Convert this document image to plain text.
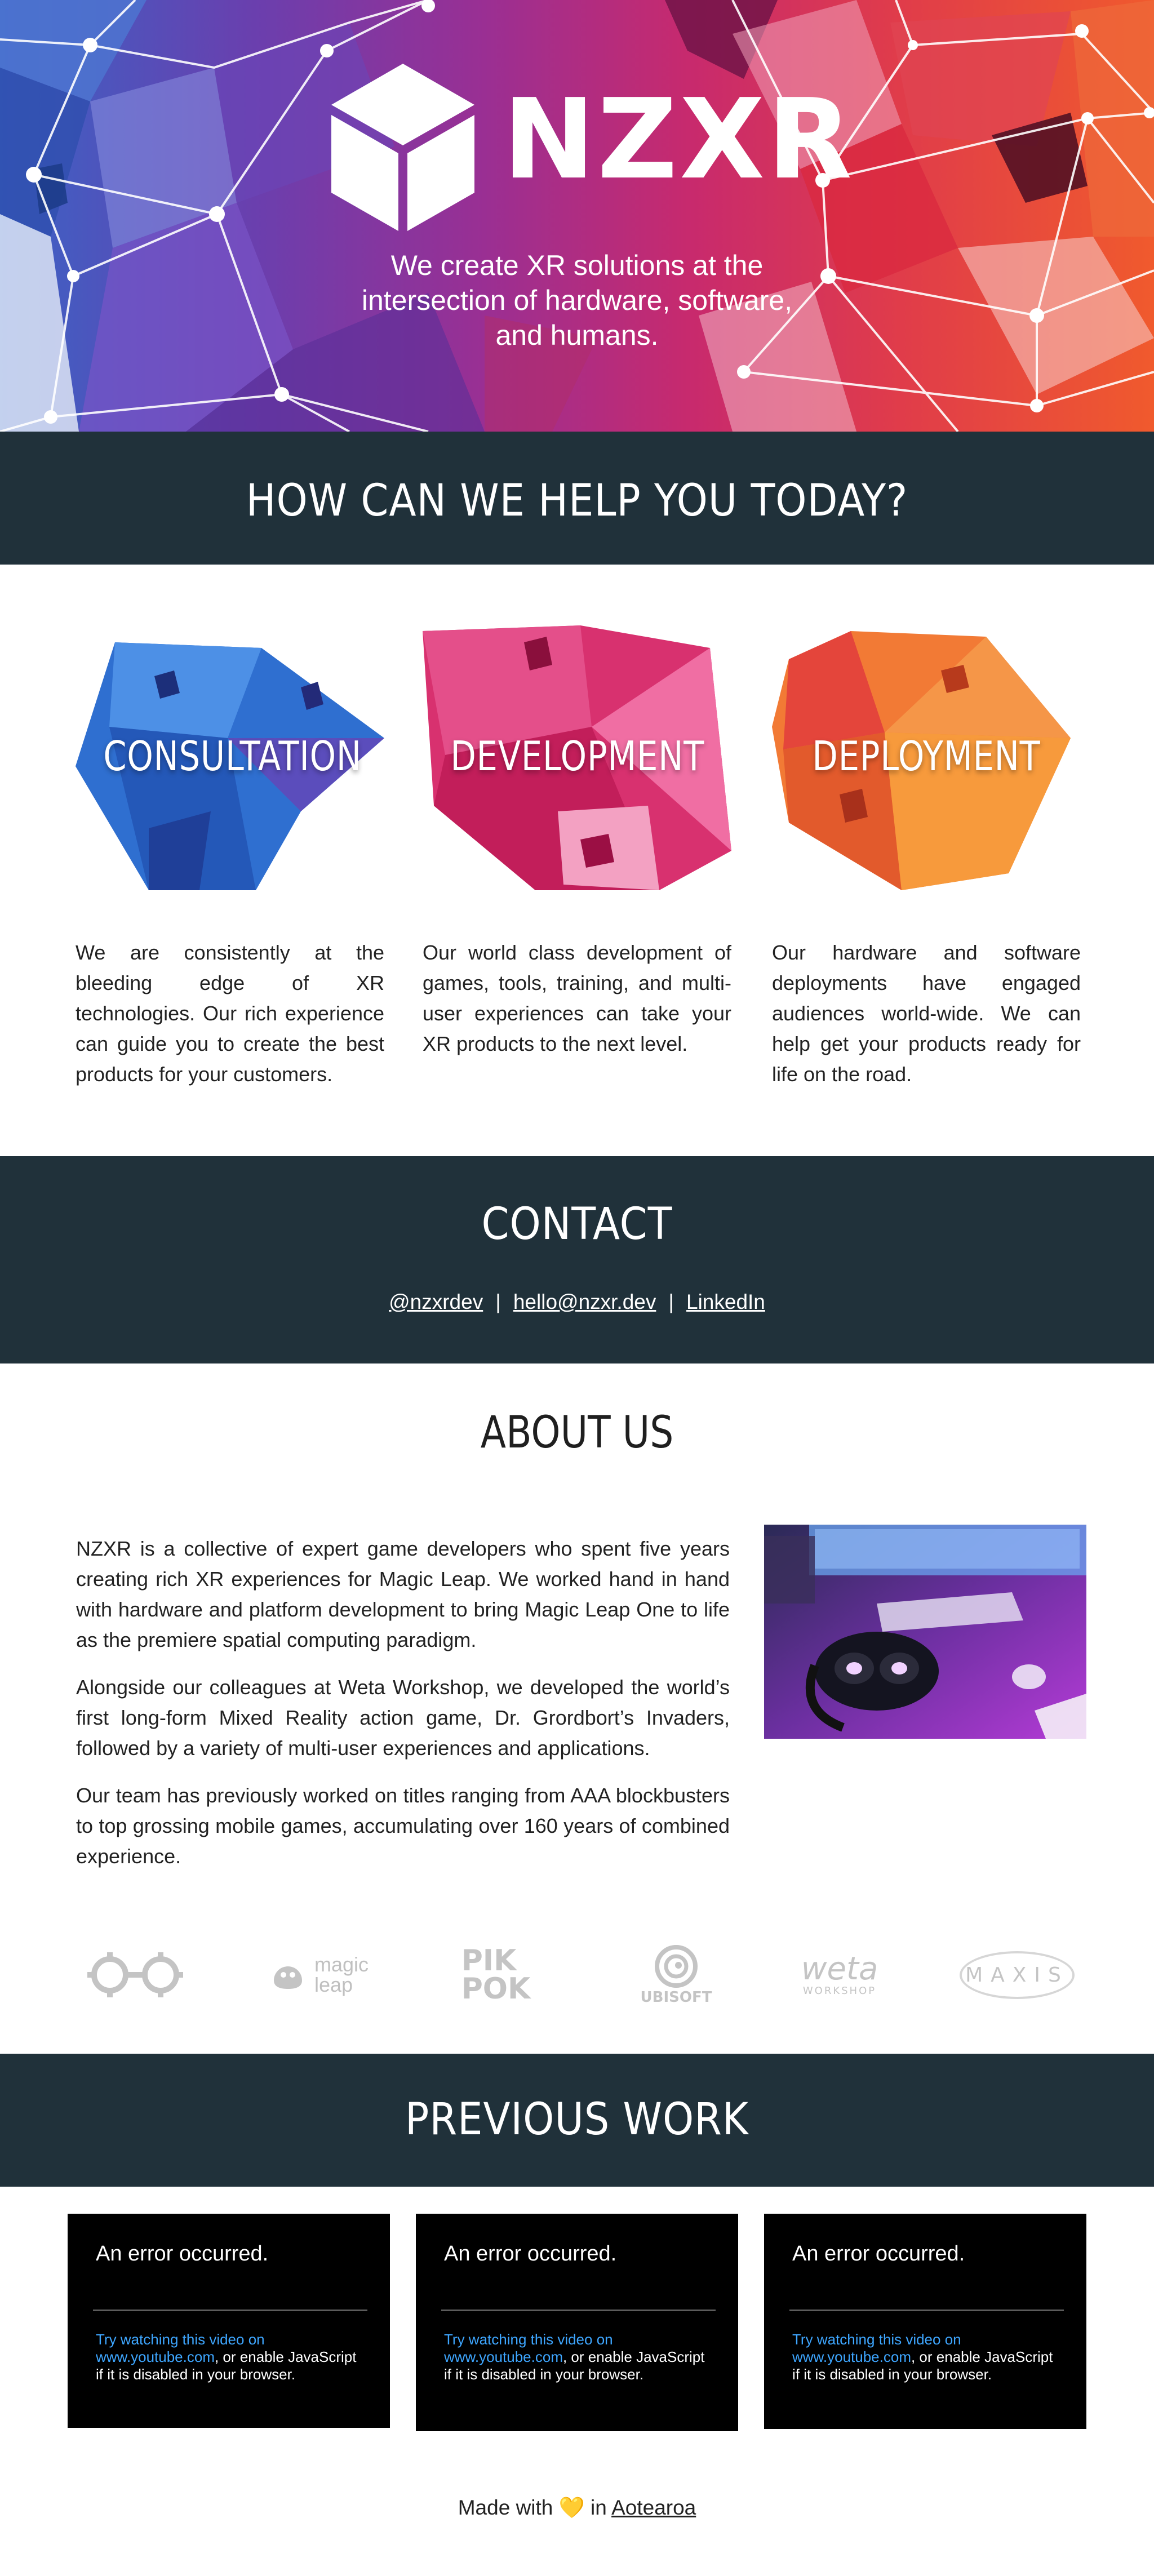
NZXR
We create XR solutions at the
intersection of hardware, software,
and humans.
HOW CAN WE HELP YOU TODAY?
CONSULTATION
We are consistently at the bleeding edge of XR technologies. Our rich experience can guide you to create the best products for your customers.
DEVELOPMENT
Our world class development of games, tools, training, and multi-user experiences can take your XR products to the next level.
DEPLOYMENT
Our hardware and software deployments have engaged audiences world-wide. We can help get your products ready for life on the road.
CONTACT
@nzxrdev | hello@nzxr.dev | LinkedIn
ABOUT US

NZXR is a collective of expert game developers who spent five years creating rich XR experiences for Magic Leap. We worked hand in hand with hardware and platform development to bring Magic Leap One to life as the premiere spatial computing paradigm.

Alongside our colleagues at Weta Workshop, we developed the world’s first long-form Mixed Reality action game, Dr. Grordbort’s Invaders, followed by a variety of multi-user experiences and applications.

Our team has previously worked on titles ranging from AAA blockbusters to top grossing mobile games, accumulating over 160 years of combined experience.

magic
leap
PIK
POK	UBISOFT
weta
WORKSHOP
MAXIS
PREVIOUS WORK
An error occurred.
Try watching this video on www.youtube.com, or enable JavaScript if it is disabled in your browser.
An error occurred.
Try watching this video on www.youtube.com, or enable JavaScript if it is disabled in your browser.
An error occurred.
Try watching this video on www.youtube.com, or enable JavaScript if it is disabled in your browser.
Made with 💛 in Aotearoa
